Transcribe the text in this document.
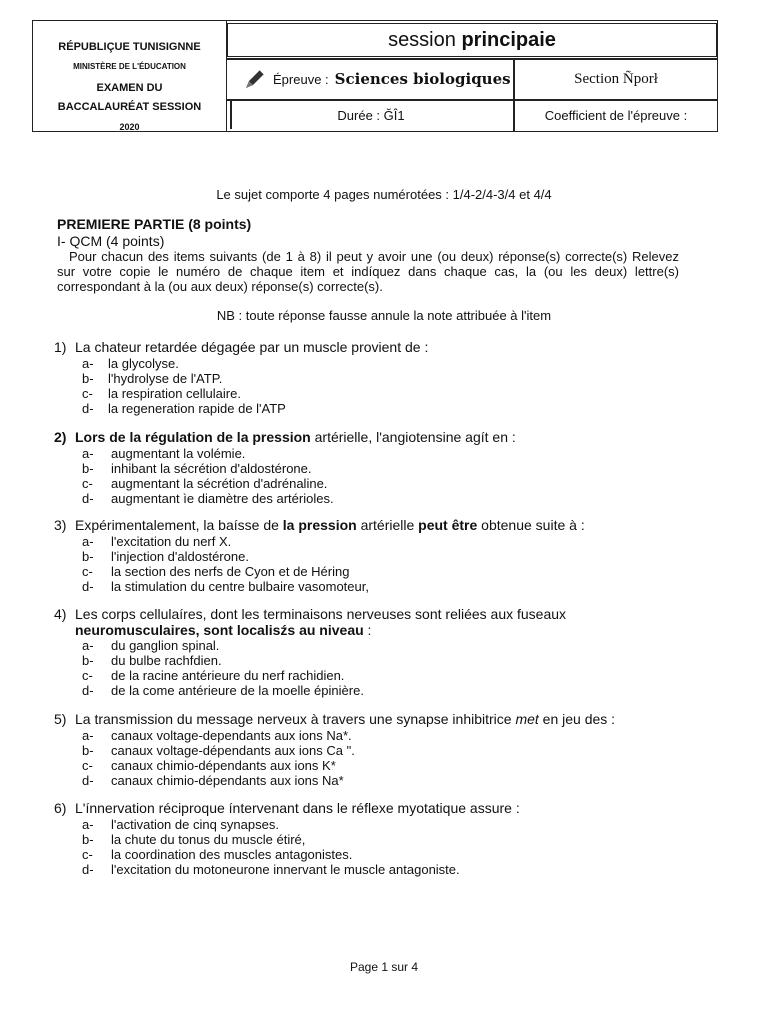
RÉPUBLIÇUE TUNISIGNNE
MINISTÈRE DE L'ÉDUCATION
EXAMEN DU
BACCALAURÉAT SESSION
2020
session principaie
Épreuve : Sciences biologiques	Section Ñporł
Durée : ĞÎ1	Coefficient de l'épreuve :
Le sujet comporte 4 pages numérotées : 1/4-2/4-3/4 et 4/4
PREMIERE PARTIE (8 points)
I- QCM (4 points)
Pour chacun des items suivants (de 1 à 8) il peut y avoir une (ou deux) réponse(s) correcte(s) Relevez sur votre copie le numéro de chaque item et indíquez dans chaque cas, la (ou les deux) lettre(s) correspondant à la (ou aux deux) réponse(s) correcte(s).
NB : toute réponse fausse annule la note attribuée à l'item
1) La chateur retardée dégagée par un muscle provient de :
a- la glycolyse.
b- l'hydrolyse de l'ATP.
c- la respiration cellulaire.
d- la regeneration rapide de l'ATP
2) Lors de la régulation de la pression artérielle, l'angiotensine agít en :
a- augmentant la volémie.
b- inhibant la sécrétion d'aldostérone.
c- augmentant la sécrétion d'adrénaline.
d- augmentant ìe diamètre des artérioles.
3) Expérimentalement, la baísse de la pression artérielle peut être obtenue suite à :
a- l'excitation du nerf X.
b- l'injection d'aldostérone.
c- la section des nerfs de Cyon et de Héring
d- la stimulation du centre bulbaire vasomoteur,
4) Les corps cellulaíres, dont les terminaisons nerveuses sont reliées aux fuseaux
neuromusculaires, sont localisźs au niveau :
a- du ganglion spinal.
b- du bulbe rachfdien.
c- de la racine antérieure du nerf rachidien.
d- de la come antérieure de la moelle épinière.
5) La transmission du message nerveux à travers une synapse inhibitrice met en jeu des :
a- canaux voltage-dependants aux ions Na*.
b- canaux voltage-dépendants aux ions Ca ".
c- canaux chimio-dépendants aux ions K*
d- canaux chimio-dépendants aux ions Na*
6) L'ínnervation réciproque íntervenant dans le réflexe myotatique assure :
a- l'activation de cinq synapses.
b- la chute du tonus du muscle étiré,
c- la coordination des muscles antagonistes.
d- l'excitation du motoneurone innervant le muscle antagoniste.
Page 1 sur 4
